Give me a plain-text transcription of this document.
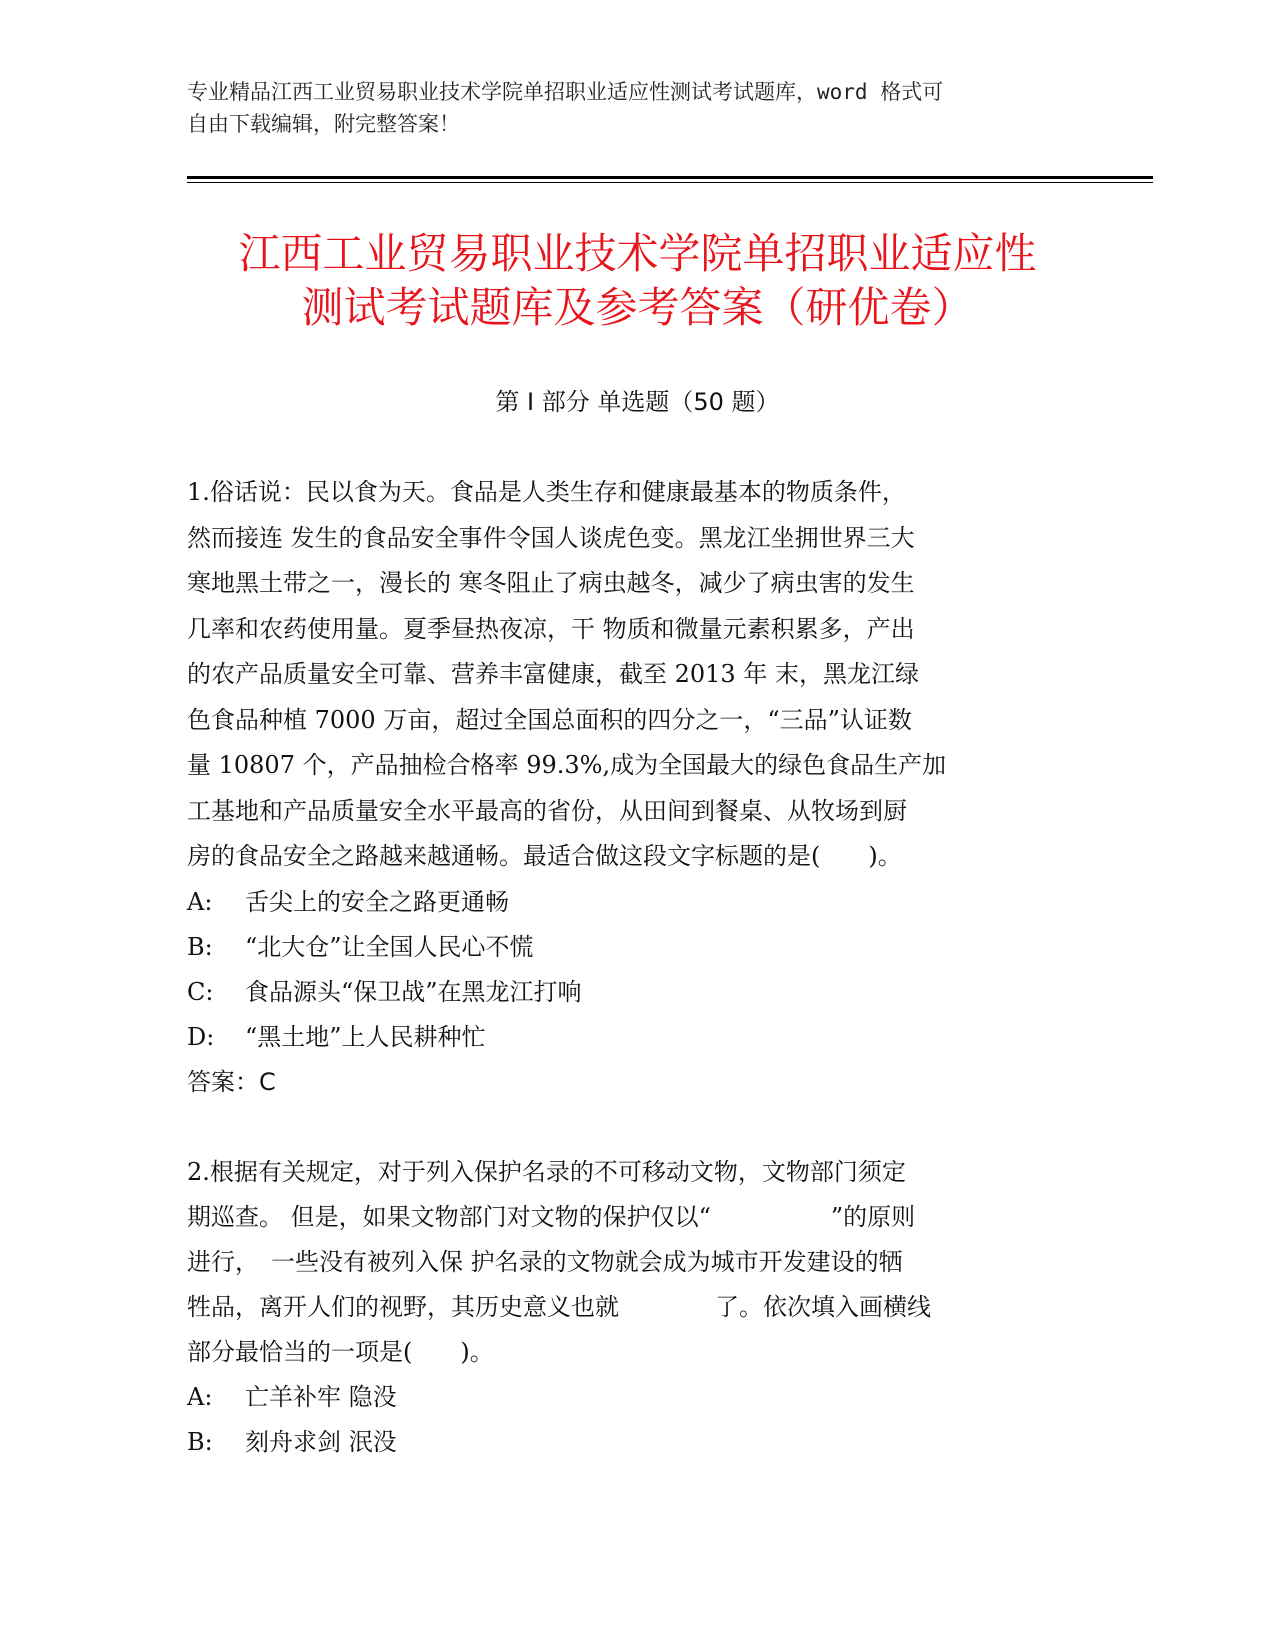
专业精品江西工业贸易职业技术学院单招职业适应性测试考试题库，word 格式可
自由下载编辑，附完整答案！
江西工业贸易职业技术学院单招职业适应性
测试考试题库及参考答案（研优卷）
第 I 部分 单选题（50 题）
1.俗话说：民以食为天。食品是人类生存和健康最基本的物质条件，
然而接连 发生的食品安全事件令国人谈虎色变。黑龙江坐拥世界三大
寒地黑土带之一，漫长的 寒冬阻止了病虫越冬，减少了病虫害的发生
几率和农药使用量。夏季昼热夜凉，干 物质和微量元素积累多，产出
的农产品质量安全可靠、营养丰富健康，截至 2013 年 末，黑龙江绿
色食品种植 7000 万亩，超过全国总面积的四分之一，“三品”认证数
量 10807 个，产品抽检合格率 99.3%,成为全国最大的绿色食品生产加
工基地和产品质量安全水平最高的省份，从田间到餐桌、从牧场到厨
房的食品安全之路越来越通畅。最适合做这段文字标题的是(　　)。
A: 舌尖上的安全之路更通畅
B: “北大仓”让全国人民心不慌
C: 食品源头“保卫战”在黑龙江打响
D: “黑土地”上人民耕种忙
答案：C
2.根据有关规定，对于列入保护名录的不可移动文物，文物部门须定
期巡查。 但是，如果文物部门对文物的保护仅以“　　　　　”的原则
进行，　一些没有被列入保 护名录的文物就会成为城市开发建设的牺
牲品，离开人们的视野，其历史意义也就　　　　了。依次填入画横线
部分最恰当的一项是(　　)。
A: 亡羊补牢 隐没
B: 刻舟求剑 泯没
